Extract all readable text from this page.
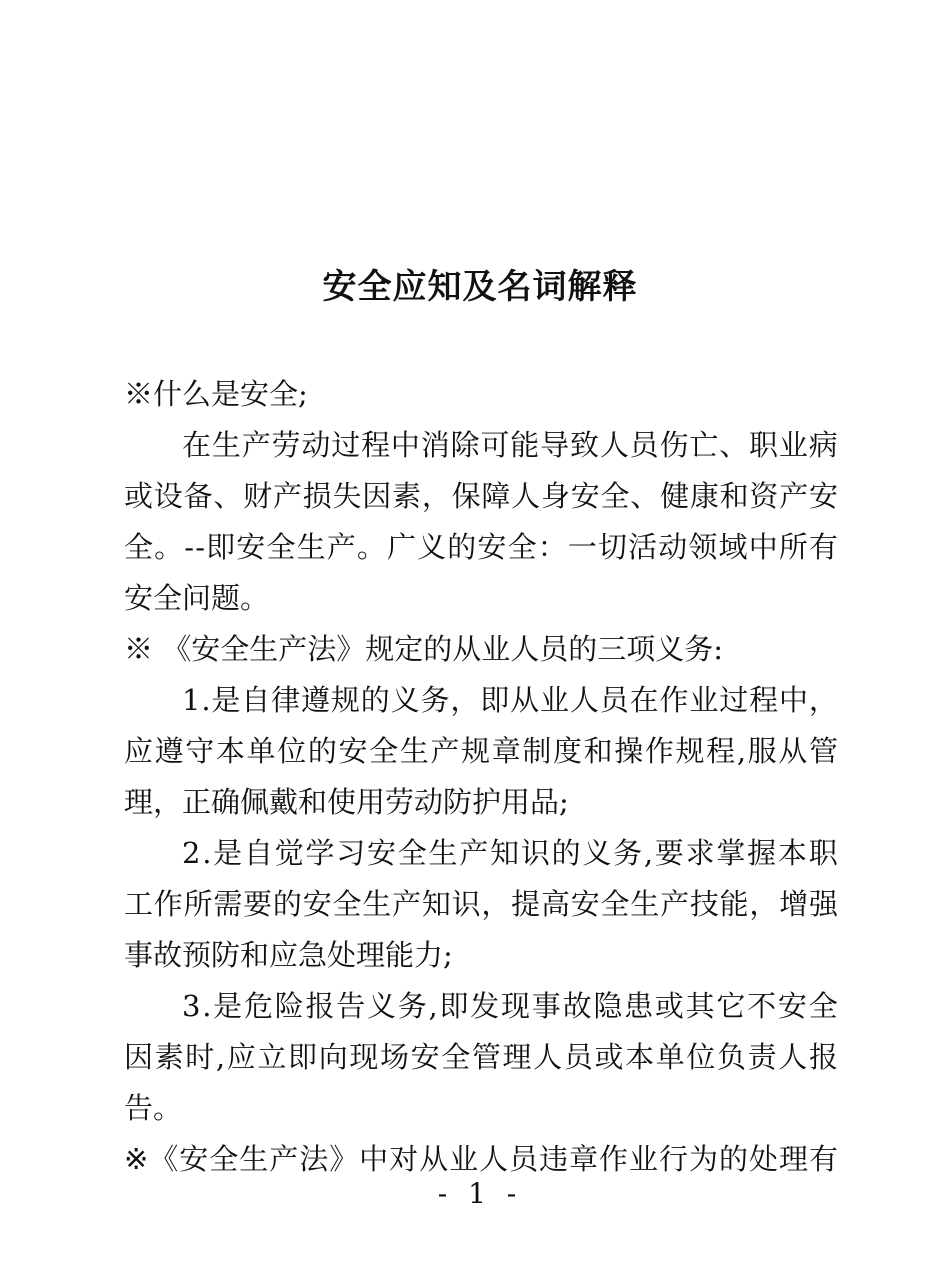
安全应知及名词解释
※什么是安全;
在 生 产 劳 动 过 程 中 消 除 可 能 导 致 人 员 伤 亡 、 职 业 病
或 设 备 、 财 产 损 失 因 素 ， 保 障 人 身 安 全 、 健 康 和 资 产 安
全 。 - - 即 安 全 生 产 。 广 义 的 安 全 ： 一 切 活 动 领 域 中 所 有
安全问题。
※ 《安全生产法》规定的从业人员的三项义务:
1 . 是 自 律 遵 规 的 义 务 ， 即 从 业 人 员 在 作 业 过 程 中 ，
应 遵 守 本 单 位 的 安 全 生 产 规 章 制 度 和 操 作 规 程 , 服 从 管
理，正确佩戴和使用劳动防护用品;
2 . 是 自 觉 学 习 安 全 生 产 知 识 的 义 务 , 要 求 掌 握 本 职
工 作 所 需 要 的 安 全 生 产 知 识 ， 提 高 安 全 生 产 技 能 ， 增 强
事故预防和应急处理能力;
3 . 是 危 险 报 告 义 务 , 即 发 现 事 故 隐 患 或 其 它 不 安 全
因 素 时 , 应 立 即 向 现 场 安 全 管 理 人 员 或 本 单 位 负 责 人 报
告。
※ 《 安 全 生 产 法 》 中 对 从 业 人 员 违 章 作 业 行 为 的 处 理 有
- 1 -
